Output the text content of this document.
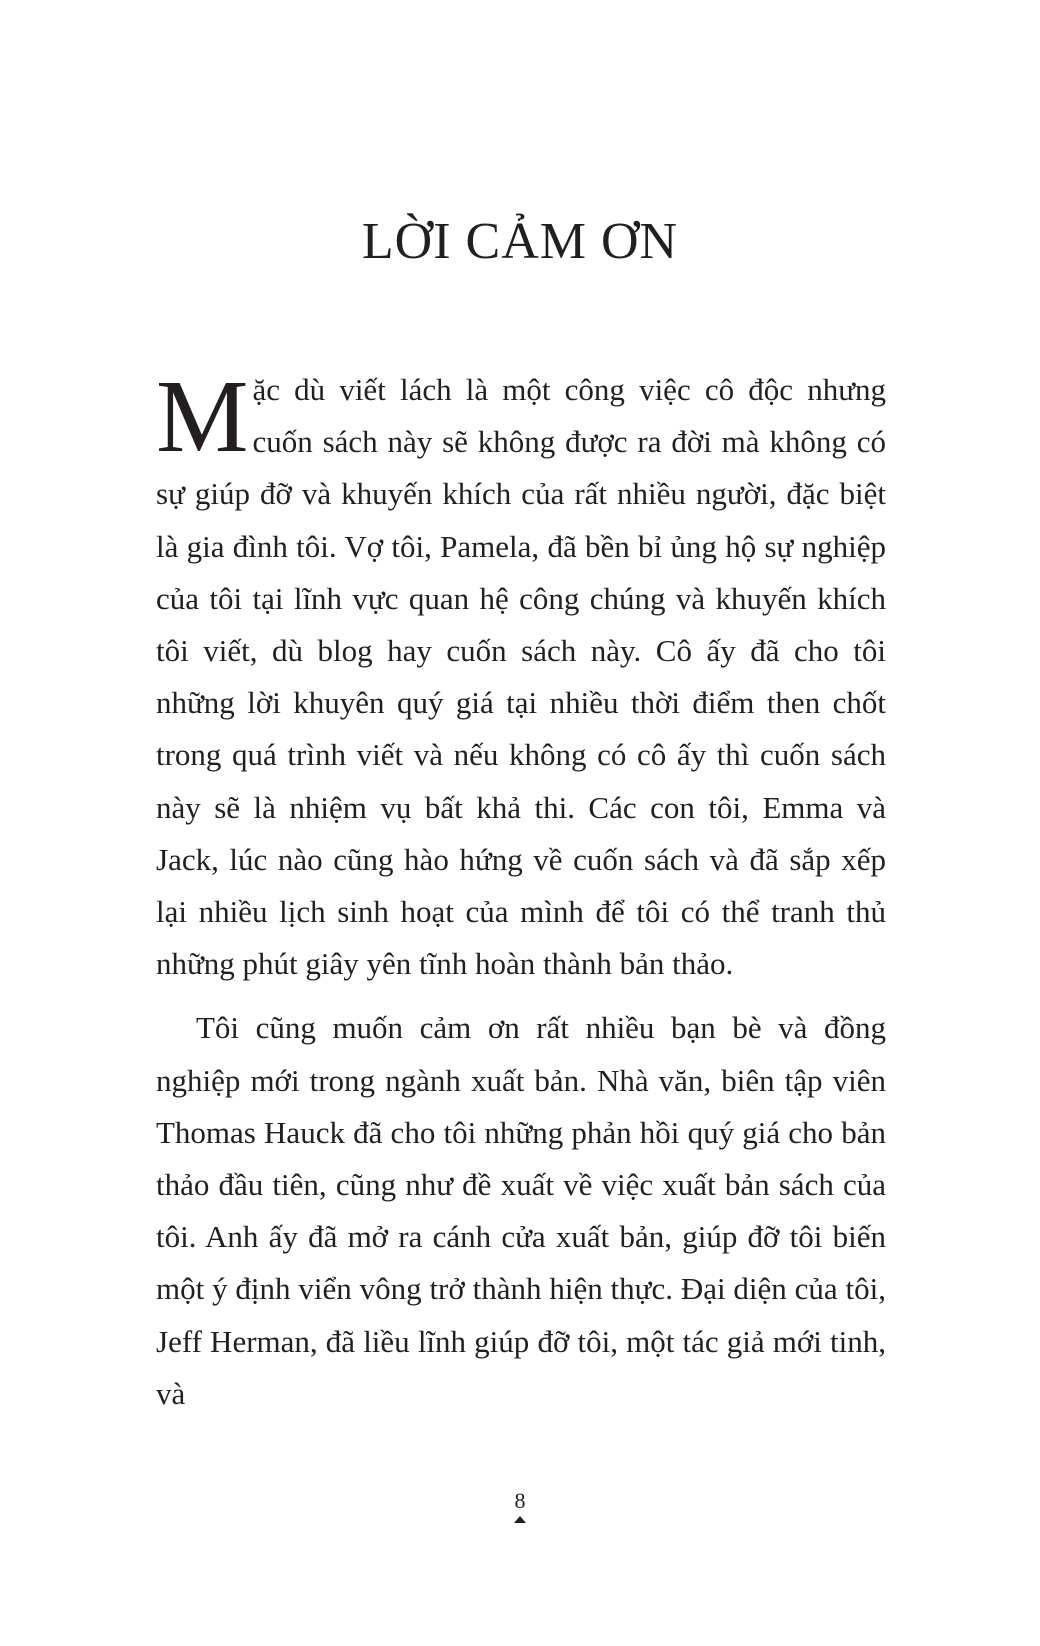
LỜI CẢM ƠN

Mặc dù viết lách là một công việc cô độc nhưng cuốn sách này sẽ không được ra đời mà không có sự giúp đỡ và khuyến khích của rất nhiều người, đặc biệt là gia đình tôi. Vợ tôi, Pamela, đã bền bỉ ủng hộ sự nghiệp của tôi tại lĩnh vực quan hệ công chúng và khuyến khích tôi viết, dù blog hay cuốn sách này. Cô ấy đã cho tôi những lời khuyên quý giá tại nhiều thời điểm then chốt trong quá trình viết và nếu không có cô ấy thì cuốn sách này sẽ là nhiệm vụ bất khả thi. Các con tôi, Emma và Jack, lúc nào cũng hào hứng về cuốn sách và đã sắp xếp lại nhiều lịch sinh hoạt của mình để tôi có thể tranh thủ những phút giây yên tĩnh hoàn thành bản thảo.

Tôi cũng muốn cảm ơn rất nhiều bạn bè và đồng nghiệp mới trong ngành xuất bản. Nhà văn, biên tập viên Thomas Hauck đã cho tôi những phản hồi quý giá cho bản thảo đầu tiên, cũng như đề xuất về việc xuất bản sách của tôi. Anh ấy đã mở ra cánh cửa xuất bản, giúp đỡ tôi biến một ý định viển vông trở thành hiện thực. Đại diện của tôi, Jeff Herman, đã liều lĩnh giúp đỡ tôi, một tác giả mới tinh, và

8
